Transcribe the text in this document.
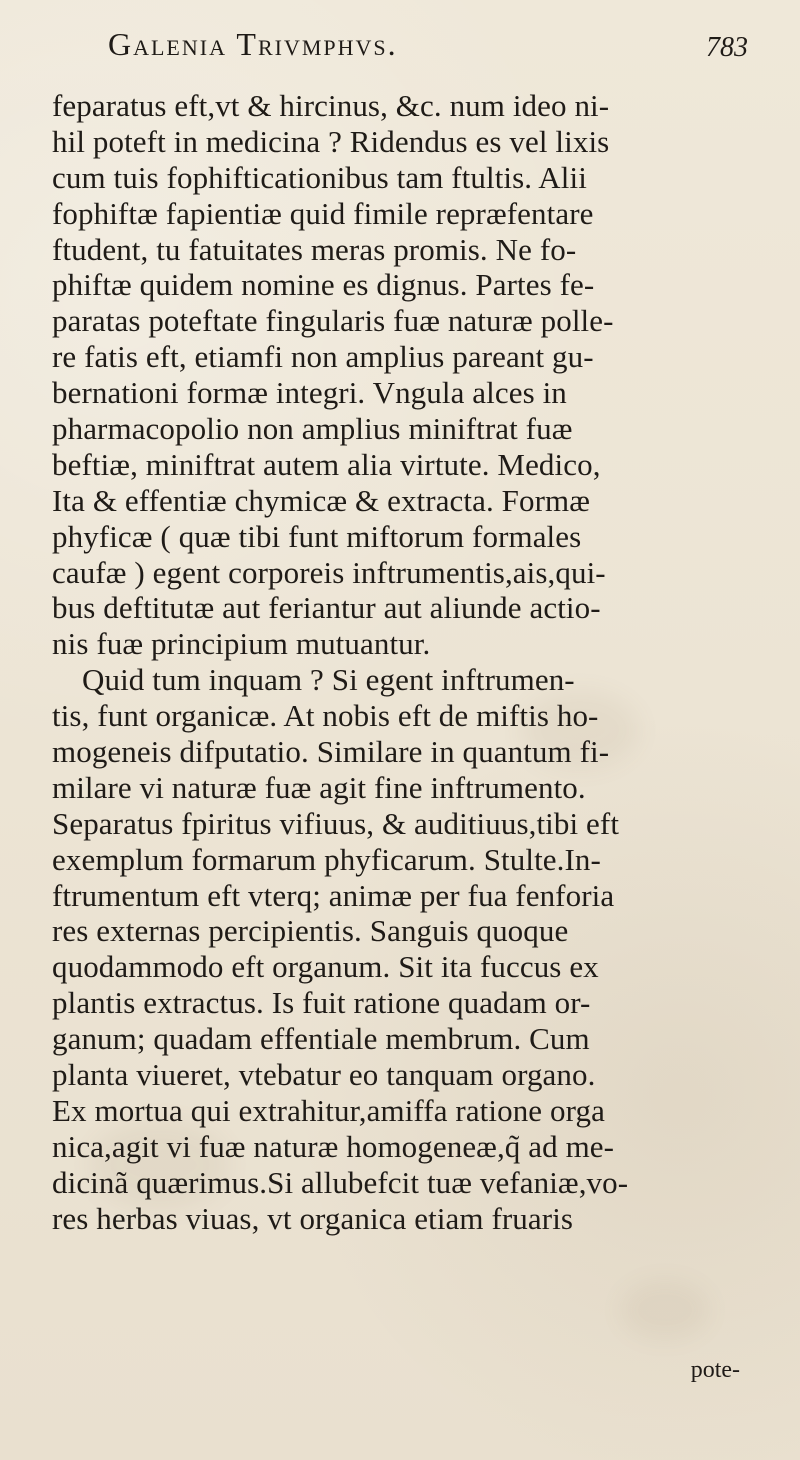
Galenia Trivmphvs.	783
feparatus eft,vt & hircinus, &c. num ideo ni-
hil poteft in medicina ? Ridendus es vel lixis
cum tuis fophifticationibus tam ftultis. Alii
fophiftæ fapientiæ quid fimile repræfentare
ftudent, tu fatuitates meras promis. Ne fo-
phiftæ quidem nomine es dignus. Partes fe-
paratas poteftate fingularis fuæ naturæ polle-
re fatis eft, etiamfi non amplius pareant gu-
bernationi formæ integri. Vngula alces in
pharmacopolio non amplius miniftrat fuæ
beftiæ, miniftrat autem alia virtute. Medico,
Ita & effentiæ chymicæ & extracta. Formæ
phyficæ ( quæ tibi funt miftorum formales
caufæ ) egent corporeis inftrumentis,ais,qui-
bus deftitutæ aut feriantur aut aliunde actio-
nis fuæ principium mutuantur.
Quid tum inquam ? Si egent inftrumen-
tis, funt organicæ. At nobis eft de miftis ho-
mogeneis difputatio. Similare in quantum fi-
milare vi naturæ fuæ agit fine inftrumento.
Separatus fpiritus vifiuus, & auditiuus,tibi eft
exemplum formarum phyficarum. Stulte.In-
ftrumentum eft vterq; animæ per fua fenforia
res externas percipientis. Sanguis quoque
quodammodo eft organum. Sit ita fuccus ex
plantis extractus. Is fuit ratione quadam or-
ganum; quadam effentiale membrum. Cum
planta viueret, vtebatur eo tanquam organo.
Ex mortua qui extrahitur,amiffa ratione orga
nica,agit vi fuæ naturæ homogeneæ,q̃ ad me-
dicinã quærimus.Si allubefcit tuæ vefaniæ,vo-
res herbas viuas, vt organica etiam fruaris
pote-
